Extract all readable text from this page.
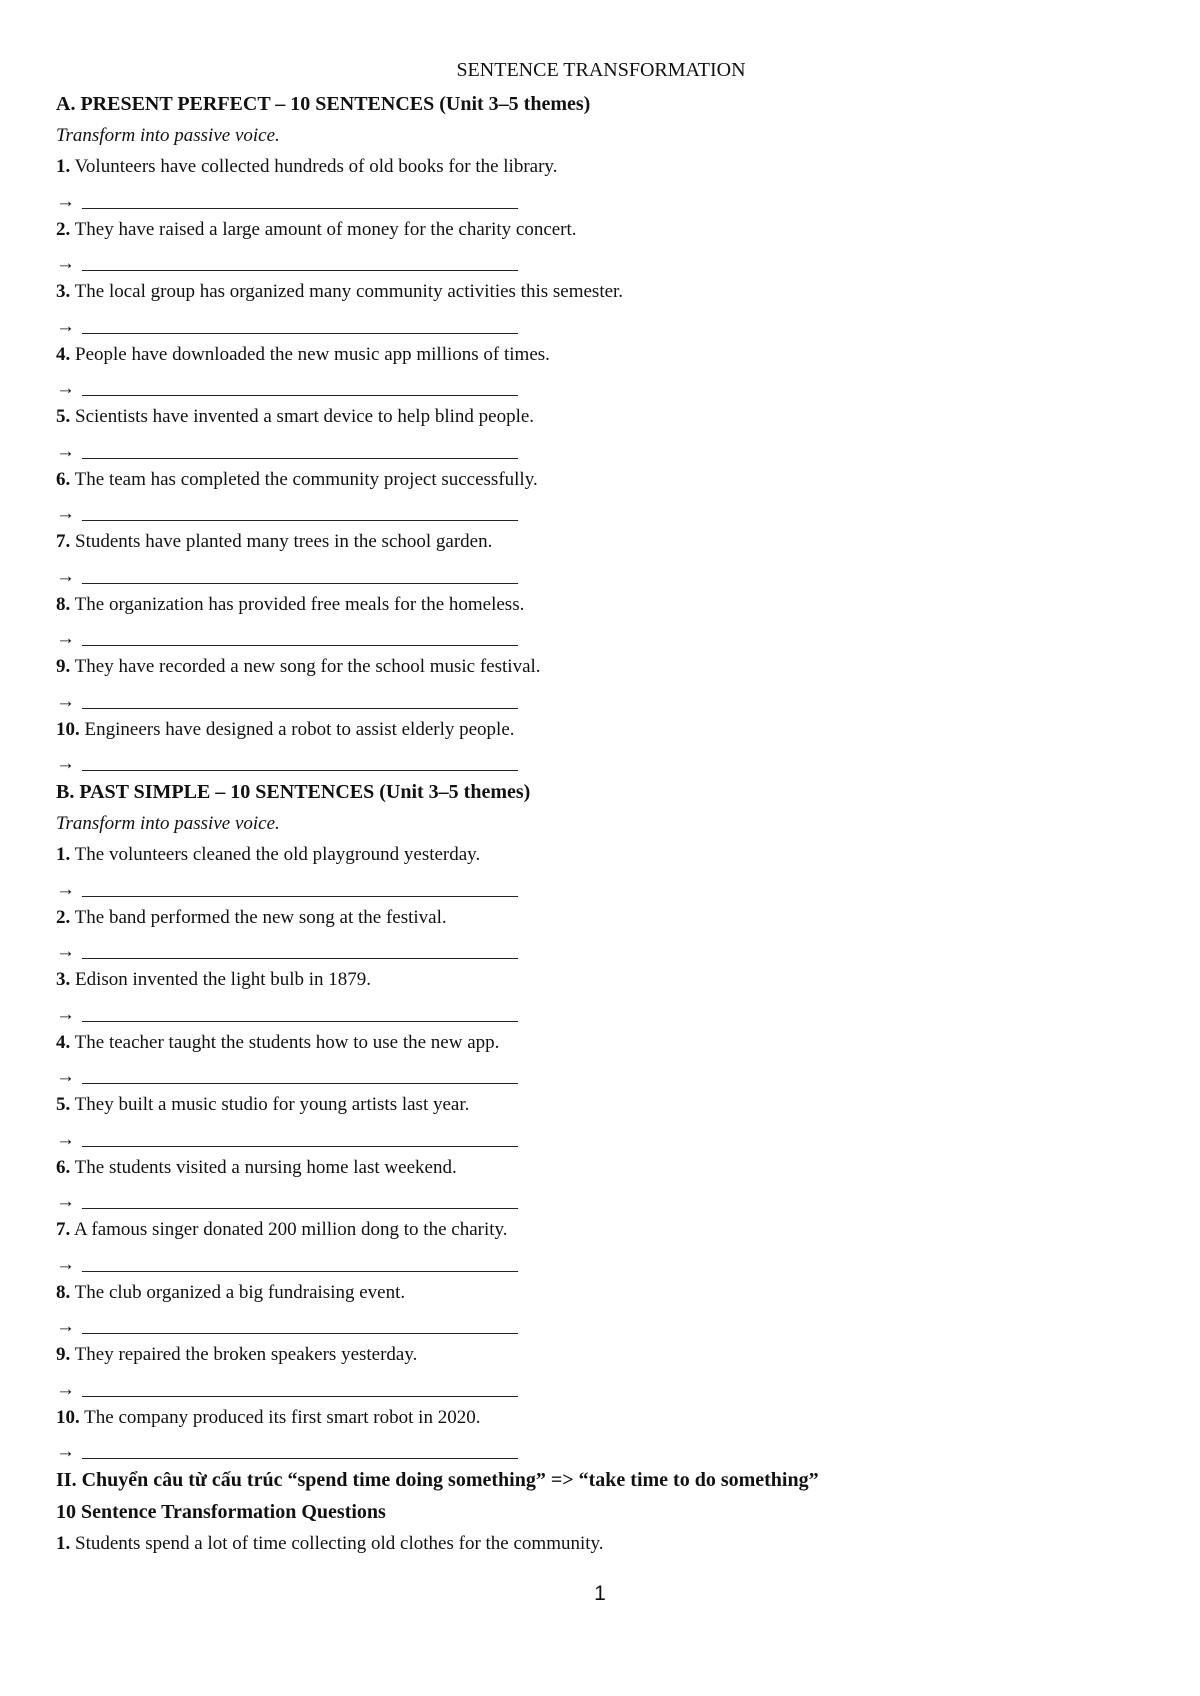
SENTENCE TRANSFORMATION
A. PRESENT PERFECT – 10 SENTENCES (Unit 3–5 themes)
Transform into passive voice.
1. Volunteers have collected hundreds of old books for the library.
→
2. They have raised a large amount of money for the charity concert.
→
3. The local group has organized many community activities this semester.
→
4. People have downloaded the new music app millions of times.
→
5. Scientists have invented a smart device to help blind people.
→
6. The team has completed the community project successfully.
→
7. Students have planted many trees in the school garden.
→
8. The organization has provided free meals for the homeless.
→
9. They have recorded a new song for the school music festival.
→
10. Engineers have designed a robot to assist elderly people.
→
B. PAST SIMPLE – 10 SENTENCES (Unit 3–5 themes)
Transform into passive voice.
1. The volunteers cleaned the old playground yesterday.
→
2. The band performed the new song at the festival.
→
3. Edison invented the light bulb in 1879.
→
4. The teacher taught the students how to use the new app.
→
5. They built a music studio for young artists last year.
→
6. The students visited a nursing home last weekend.
→
7. A famous singer donated 200 million dong to the charity.
→
8. The club organized a big fundraising event.
→
9. They repaired the broken speakers yesterday.
→
10. The company produced its first smart robot in 2020.
→
II. Chuyển câu từ cấu trúc “spend time doing something” => “take time to do something”
10 Sentence Transformation Questions
1. Students spend a lot of time collecting old clothes for the community.
1
